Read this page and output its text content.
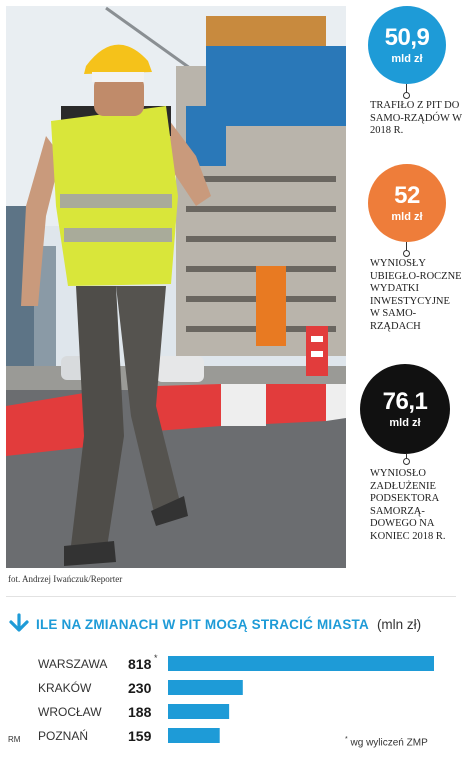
fot. Andrzej Iwańczuk/Reporter
50,9
mld zł
TRAFIŁO Z PIT DO SAMO-RZĄDÓW W 2018 R.
52
mld zł
WYNIOSŁY UBIEGŁO-ROCZNE WYDATKI INWESTYCYJNE W SAMO-RZĄDACH
76,1
mld zł
WYNIOSŁO ZADŁUŻENIE PODSEKTORA SAMORZĄ-DOWEGO NA KONIEC 2018 R.
ILE NA ZMIANACH W PIT MOGĄ STRACIĆ MIASTA (mln zł)
WARSZAWA 818 *
KRAKÓW	230
WROCŁAW 188
POZNAŃ	159
RM	* wg wyliczeń ZMP
